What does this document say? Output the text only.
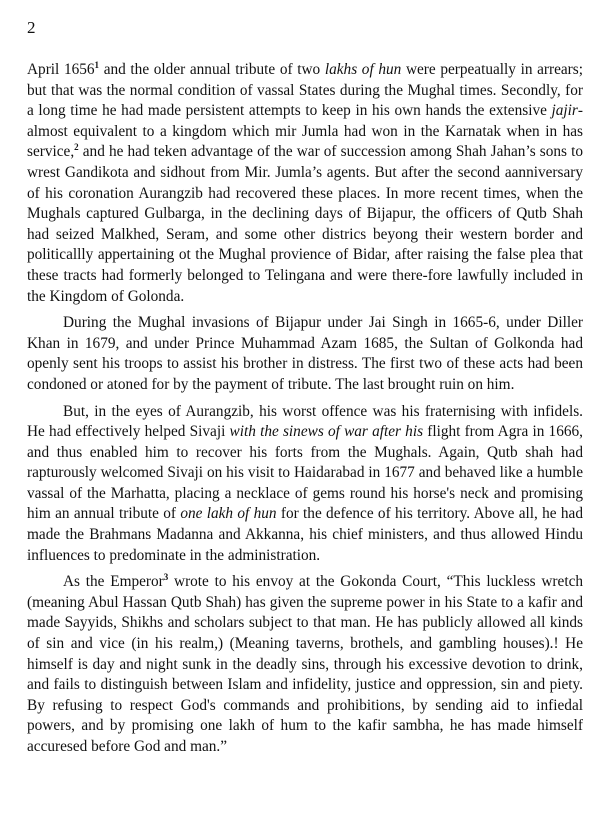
2

April 1656$^1$ and the older annual tribute of two lakhs of hun were perpeatually in arrears; but that was the normal condition of vassal States during the Mughal times. Secondly, for a long time he had made persistent attempts to keep in his own hands the extensive jajir-almost equivalent to a kingdom which mir Jumla had won in the Karnatak when in has service,$^2$ and he had teken advantage of the war of succession among Shah Jahan’s sons to wrest Gandikota and sidhout from Mir. Jumla’s agents. But after the second aanniversary of his coronation Aurangzib had recovered these places. In more recent times, when the Mughals captured Gulbarga, in the declining days of Bijapur, the officers of Qutb Shah had seized Malkhed, Seram, and some other districs beyong their western border and politicallly appertaining ot the Mughal provience of Bidar, after raising the false plea that these tracts had formerly belonged to Telingana and were there-fore lawfully included in the Kingdom of Golonda.

During the Mughal invasions of Bijapur under Jai Singh in 1665-6, under Diller Khan in 1679, and under Prince Muhammad Azam 1685, the Sultan of Golkonda had openly sent his troops to assist his brother in distress. The first two of these acts had been condoned or atoned for by the payment of tribute. The last brought ruin on him.

But, in the eyes of Aurangzib, his worst offence was his fraternising with infidels. He had effectively helped Sivaji with the sinews of war after his flight from Agra in 1666, and thus enabled him to recover his forts from the Mughals. Again, Qutb shah had rapturously welcomed Sivaji on his visit to Haidarabad in 1677 and behaved like a humble vassal of the Marhatta, placing a necklace of gems round his horse's neck and promising him an annual tribute of one lakh of hun for the defence of his territory. Above all, he had made the Brahmans Madanna and Akkanna, his chief ministers, and thus allowed Hindu influences to predominate in the administration.

As the Emperor$^3$ wrote to his envoy at the Gokonda Court, “This luckless wretch (meaning Abul Hassan Qutb Shah) has given the supreme power in his State to a kafir and made Sayyids, Shikhs and scholars subject to that man. He has publicly allowed all kinds of sin and vice (in his realm,) (Meaning taverns, brothels, and gambling houses).! He himself is day and night sunk in the deadly sins, through his excessive devotion to drink, and fails to distinguish between Islam and infidelity, justice and oppression, sin and piety. By refusing to respect God's commands and prohibitions, by sending aid to infiedal powers, and by promising one lakh of hum to the kafir sambha, he has made himself accuresed before God and man.”
